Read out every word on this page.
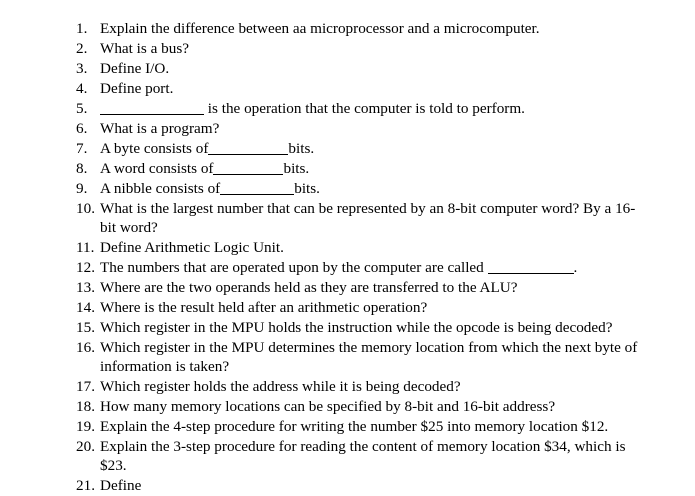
1. Explain the difference between aa microprocessor and a microcomputer.
2. What is a bus?
3. Define I/O.
4. Define port.
5.	is the operation that the computer is told to perform.
6. What is a program?
7. A byte consists of	bits.
8. A word consists of	bits.
9. A nibble consists of	bits.
10. What is the largest number that can be represented by an 8-bit computer word? By a 16-
bit word?
11. Define Arithmetic Logic Unit.
12. The numbers that are operated upon by the computer are called	.
13. Where are the two operands held as they are transferred to the ALU?
14. Where is the result held after an arithmetic operation?
15. Which register in the MPU holds the instruction while the opcode is being decoded?
16. Which register in the MPU determines the memory location from which the next byte of
information is taken?
17. Which register holds the address while it is being decoded?
18. How many memory locations can be specified by 8-bit and 16-bit address?
19. Explain the 4-step procedure for writing the number $25 into memory location $12.
20. Explain the 3-step procedure for reading the content of memory location $34, which is
$23.
21. Define
